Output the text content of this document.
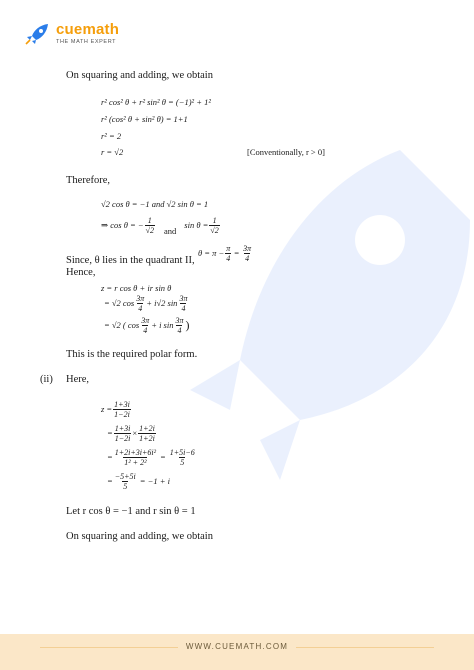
cuemath
THE MATH EXPERT
On squaring and adding, we obtain
r² cos² θ + r² sin² θ = (−1)² + 1²
r² (cos² θ + sin² θ) = 1+1
r² = 2
r = √2	[Conventionally, r > 0]
Therefore,
√2 cos θ = −1 and √2 sin θ = 1
⇒ cos θ = − $\frac{1}{√2}$ and
$\sin \theta = \frac{1}{√2}$
Since, θ lies in the quadrant II,
$\theta = \pi - \frac{\pi}{4} = \frac{3\pi}{4}$
Hence,
z = r cos θ + ir sin θ
= √2 $\cos \frac{3\pi}{4} + i√2$ $\sin \frac{3\pi}{4}$
= √2 ( $\cos \frac{3\pi}{4} + i$ $\sin \frac{3\pi}{4}$ )
This is the required polar form.
(ii) Here,
$z = \frac{1+3i}{1-2i}$
= $\frac{1+3i}{1-2i} \times \frac{1+2i}{1+2i}$
= $\frac{\text{1+2i+3i+6i²}}{\text{1² + 2²}} = \frac{1+5i-6}{5}$
= $\frac{-5+5i}{5} = -1 + i$
Let r cos θ = −1 and r sin θ = 1
On squaring and adding, we obtain
WWW.CUEMATH.COM
